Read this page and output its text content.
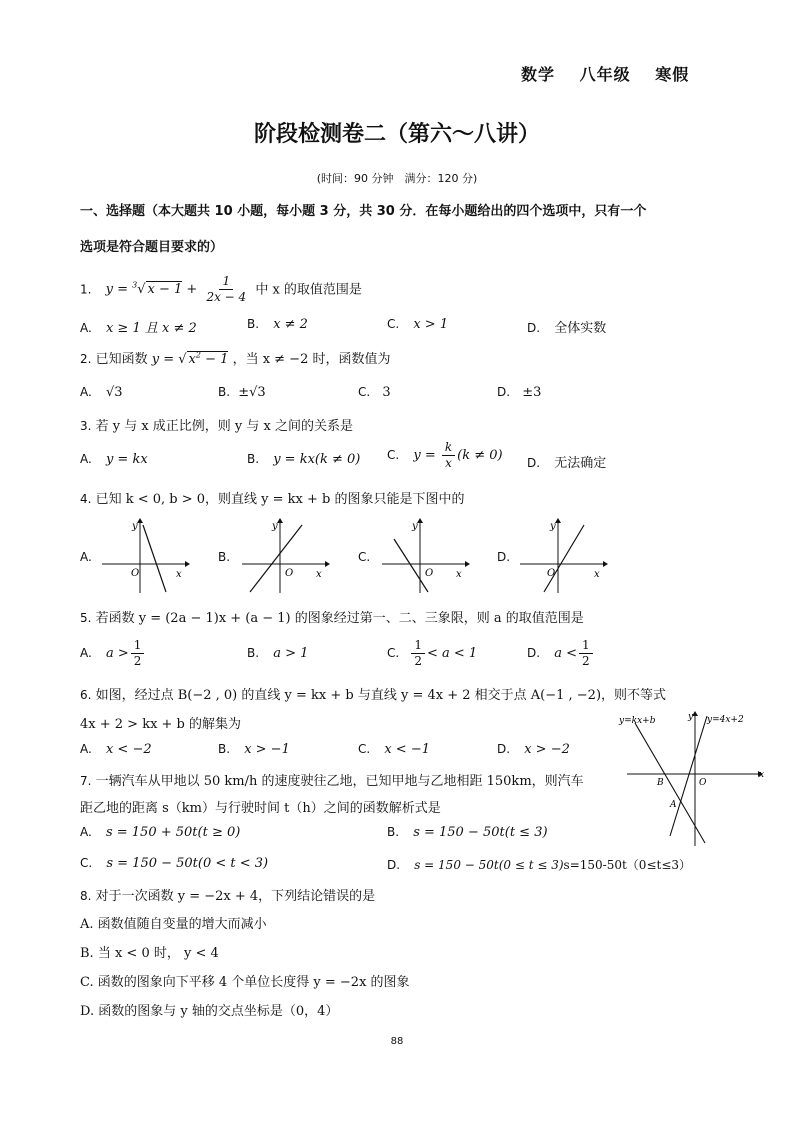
数学 八年级 寒假
阶段检测卷二（第六～八讲）
(时间：90 分钟　满分：120 分)
一、选择题（本大题共 10 小题，每小题 3 分，共 30 分．在每小题给出的四个选项中，只有一个
选项是符合题目要求的）
1. y = $^3$√ $x - 1 + \frac{1}{2x - 4}$ 中 x 的取值范围是
A. x ≥ 1 且 x ≠ 2	B. x ≠ 2	C. x > 1	D. 全体实数
2. 已知函数 y = √ $x^2 - 1$ ，当 x ≠ −2 时，函数值为
A. √3	B. ±√3	C. 3	D. ±3
3. 若 y 与 x 成正比例，则 y 与 x 之间的关系是
A. y = kx	B. y = kx(k ≠ 0) C. $y = \frac{k}{x} (k \ne 0)$ D. 无法确定
4. 已知 k < 0, b > 0，则直线 y = kx + b 的图象只能是下图中的
A.	B.	C.	D.
y
x
O
y
x
O
y
x
O
y
x
O
5. 若函数 y = (2a − 1)x + (a − 1) 的图象经过第一、二、三象限，则 a 的取值范围是
A. $a > \frac{1}{2}$	B. a > 1	C. $\frac{1}{2} < a < 1$	D. $a < \frac{1}{2}$
6. 如图，经过点 B(−2 , 0) 的直线 y = kx + b 与直线 y = 4x + 2 相交于点 A(−1 , −2)，则不等式
4x + 2 > kx + b 的解集为
A. x < −2	B. x > −1	C. x < −1	D. x > −2
y=kx+b	y=4x+2
y
x
O
B
A
7. 一辆汽车从甲地以 50 km/h 的速度驶往乙地，已知甲地与乙地相距 150km，则汽车
距乙地的距离 s（km）与行驶时间 t（h）之间的函数解析式是
A. s = 150 + 50t(t ≥ 0)	B. s = 150 − 50t(t ≤ 3)
C. s = 150 − 50t(0 < t < 3)	D. s = 150 − 50t(0 ≤ t ≤ 3)s=150-50t（0≤t≤3）
8. 对于一次函数 y = −2x + 4，下列结论错误的是
A. 函数值随自变量的增大而减小
B. 当 x < 0 时， y < 4
C. 函数的图象向下平移 4 个单位长度得 y = −2x 的图象
D. 函数的图象与 y 轴的交点坐标是（0，4）
88
